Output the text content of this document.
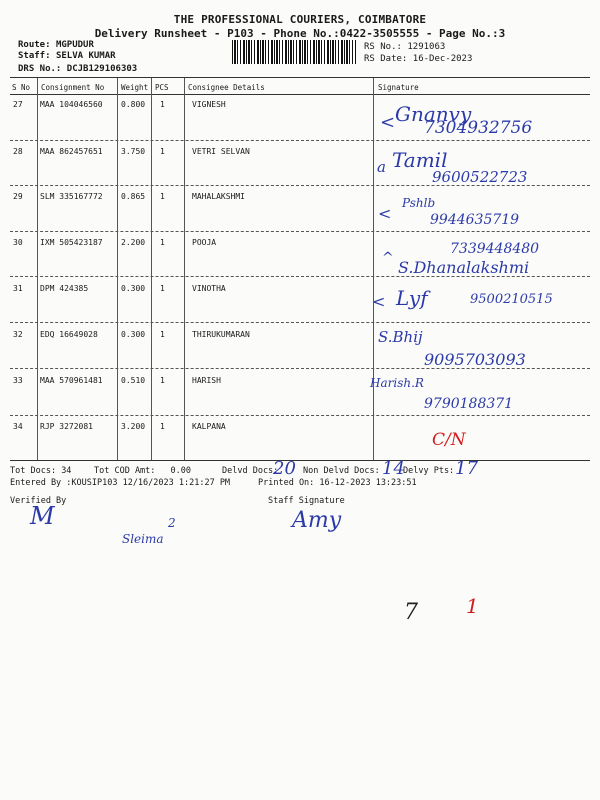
THE PROFESSIONAL COURIERS, COIMBATORE
Delivery Runsheet - P103 - Phone No.:0422-3505555 - Page No.:3
Route: MGPUDUR
Staff: SELVA KUMAR
DRS No.: DCJB129106303
RS No.: 1291063
RS Date: 16-Dec-2023
S No Consignment No Weight PCS	Consignee Details	Signature
27 MAA 104046560 0.800 1	VIGNESH
< Gnanvy
7304932756
28 MAA 862457651 3.750 1	VETRI SELVAN
a Tamil
9600522723
29 SLM 335167772 0.865 1	MAHALAKSHMI
<
Pshlb
9944635719
30 IXM 505423187 2.200 1	POOJA
^ S.Dhanalakshmi
7339448480
31 DPM 424385	0.300 1	VINOTHA
< Lyf	9500210515
32 EDQ 16649028	0.300 1	THIRUKUMARAN	S.Bhij
9095703093
33 MAA 570961481 0.510 1	HARISH	Harish.R
9790188371
34 RJP 3272081	3.200 1	KALPANA
C/N
Tot Docs: 34	Tot COD Amt: 0.00	Delvd Docs:
20 Non Delvd Docs: 14
Delvy Pts: 17
Entered By :KOUSIP103 12/16/2023 1:21:27 PM	Printed On: 16-12-2023 13:23:51
Verified By	Staff Signature
M	2
Sleima
Amy
7 1
